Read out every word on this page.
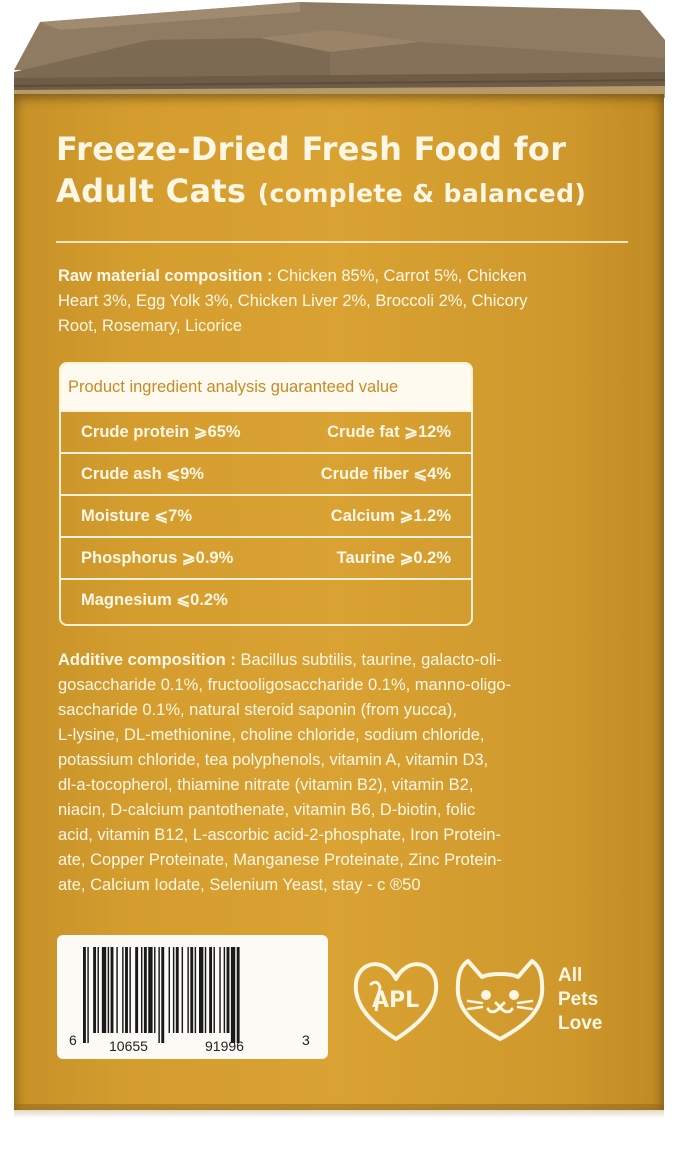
Freeze-Dried Fresh Food for
Adult Cats (complete & balanced)
Raw material composition : Chicken 85%, Carrot 5%, Chicken
Heart 3%, Egg Yolk 3%, Chicken Liver 2%, Broccoli 2%, Chicory
Root, Rosemary, Licorice
Product ingredient analysis guaranteed value
Crude protein ⩾65%	Crude fat ⩾12%
Crude ash ⩽9%	Crude fiber ⩽4%
Moisture ⩽7%	Calcium ⩾1.2%
Phosphorus ⩾0.9%	Taurine ⩾0.2%
Magnesium ⩽0.2%
Additive composition : Bacillus subtilis, taurine, galacto-oli-
gosaccharide 0.1%, fructooligosaccharide 0.1%, manno-oligo-
saccharide 0.1%, natural steroid saponin (from yucca),
L-lysine, DL-methionine, choline chloride, sodium chloride,
potassium chloride, tea polyphenols, vitamin A, vitamin D3,
dl-a-tocopherol, thiamine nitrate (vitamin B2), vitamin B2,
niacin, D-calcium pantothenate, vitamin B6, D-biotin, folic
acid, vitamin B12, L-ascorbic acid-2-phosphate, Iron Protein-
ate, Copper Proteinate, Manganese Proteinate, Zinc Protein-
ate, Calcium Iodate, Selenium Yeast, stay - c ®50
6 10655	91996	3
APL
All
Pets
Love
